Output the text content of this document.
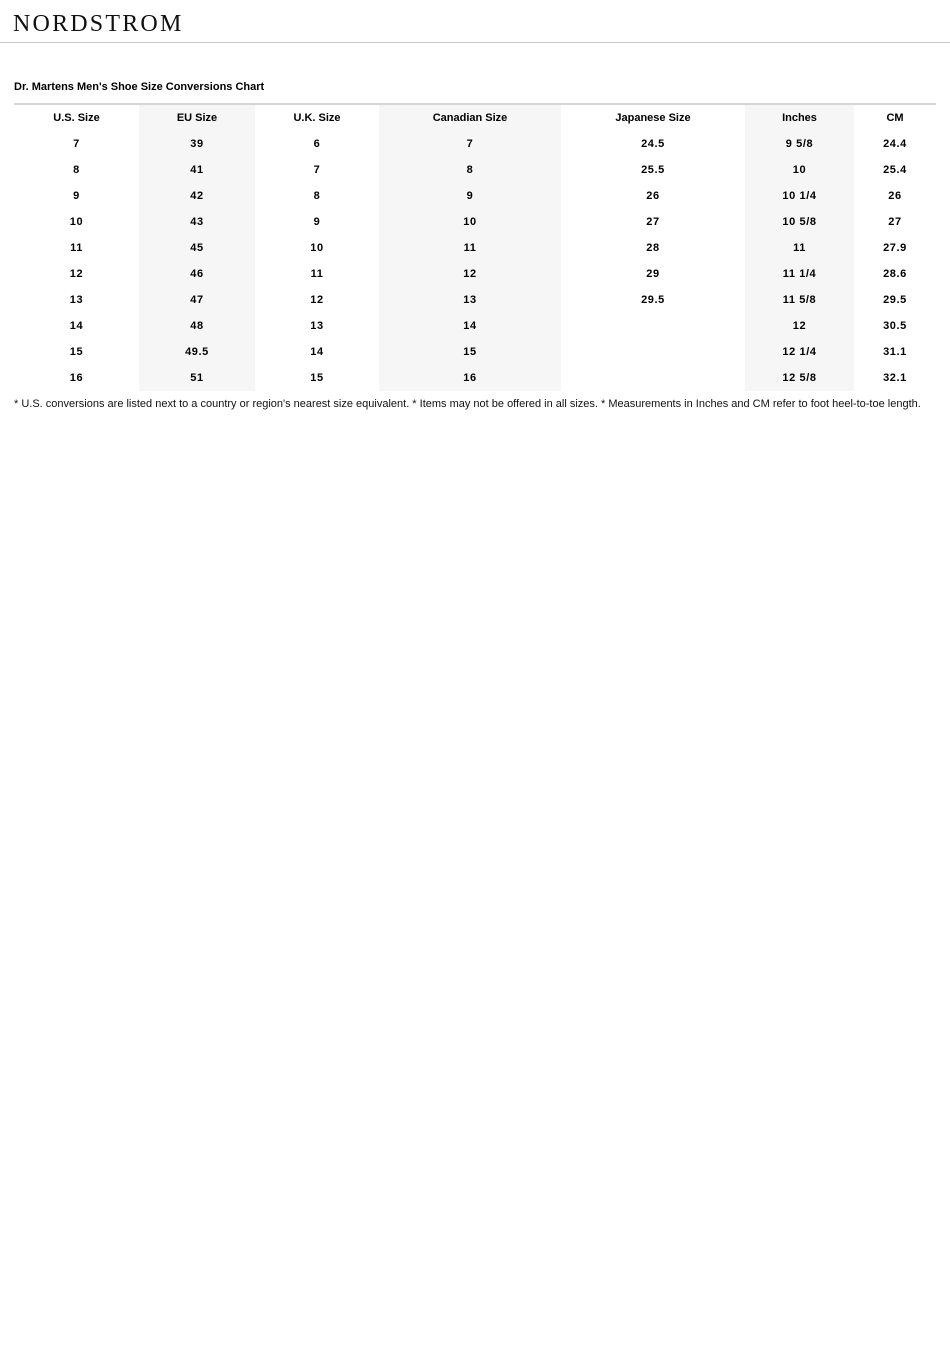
NORDSTROM
Dr. Martens Men's Shoe Size Conversions Chart
U.S. Size	EU Size	U.K. Size	Canadian Size	Japanese Size	Inches	CM
7	39	6	7	24.5	9 5/8	24.4
8	41	7	8	25.5	10	25.4
9	42	8	9	26	10 1/4	26
10	43	9	10	27	10 5/8	27
11	45	10	11	28	11	27.9
12	46	11	12	29	11 1/4	28.6
13	47	12	13	29.5	11 5/8	29.5
14	48	13	14		12	30.5
15	49.5	14	15		12 1/4	31.1
16	51	15	16		12 5/8	32.1
* U.S. conversions are listed next to a country or region's nearest size equivalent. * Items may not be offered in all sizes. * Measurements in Inches and CM refer to foot heel-to-toe length.
